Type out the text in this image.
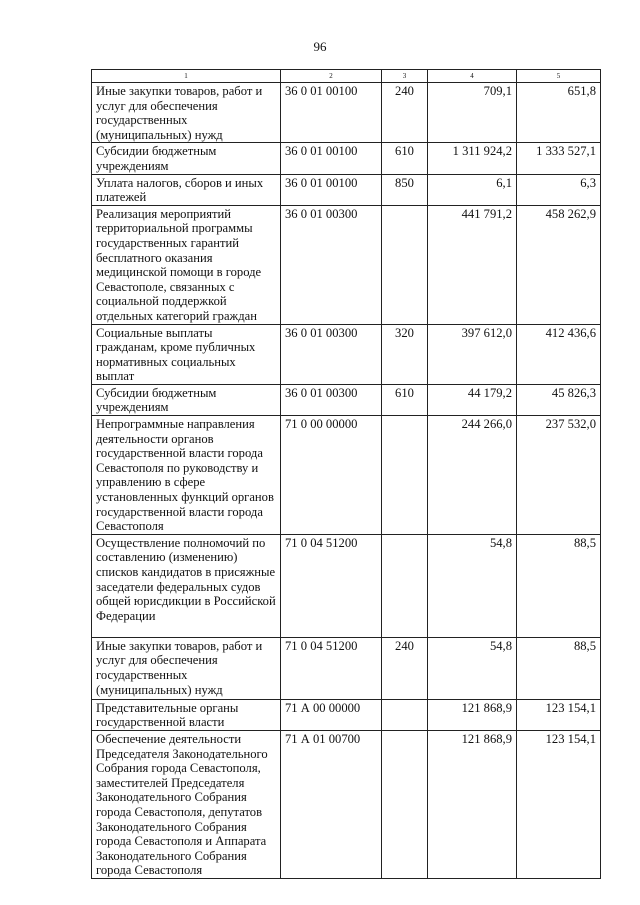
96
1	2	3	4	5
Иные закупки товаров, работ и услуг для обеспечения государственных (муниципальных) нужд	36 0 01 00100	240	709,1	651,8
Субсидии бюджетным учреждениям	36 0 01 00100	610	1 311 924,2	1 333 527,1
Уплата налогов, сборов и иных платежей	36 0 01 00100	850	6,1	6,3
Реализация мероприятий территориальной программы государственных гарантий бесплатного оказания медицинской помощи в городе Севастополе, связанных с социальной поддержкой отдельных категорий граждан	36 0 01 00300		441 791,2	458 262,9
Социальные выплаты гражданам, кроме публичных нормативных социальных выплат	36 0 01 00300	320	397 612,0	412 436,6
Субсидии бюджетным учреждениям	36 0 01 00300	610	44 179,2	45 826,3
Непрограммные направления деятельности органов государственной власти города Севастополя по руководству и управлению в сфере установленных функций органов государственной власти города Севастополя	71 0 00 00000		244 266,0	237 532,0
Осуществление полномочий по составлению (изменению) списков кандидатов в присяжные заседатели федеральных судов общей юрисдикции в Российской Федерации	71 0 04 51200		54,8	88,5
Иные закупки товаров, работ и услуг для обеспечения государственных (муниципальных) нужд	71 0 04 51200	240	54,8	88,5
Представительные органы государственной власти	71 А 00 00000		121 868,9	123 154,1
Обеспечение деятельности Председателя Законодательного Собрания города Севастополя, заместителей Председателя Законодательного Собрания города Севастополя, депутатов Законодательного Собрания города Севастополя и Аппарата Законодательного Собрания города Севастополя	71 А 01 00700		121 868,9	123 154,1
